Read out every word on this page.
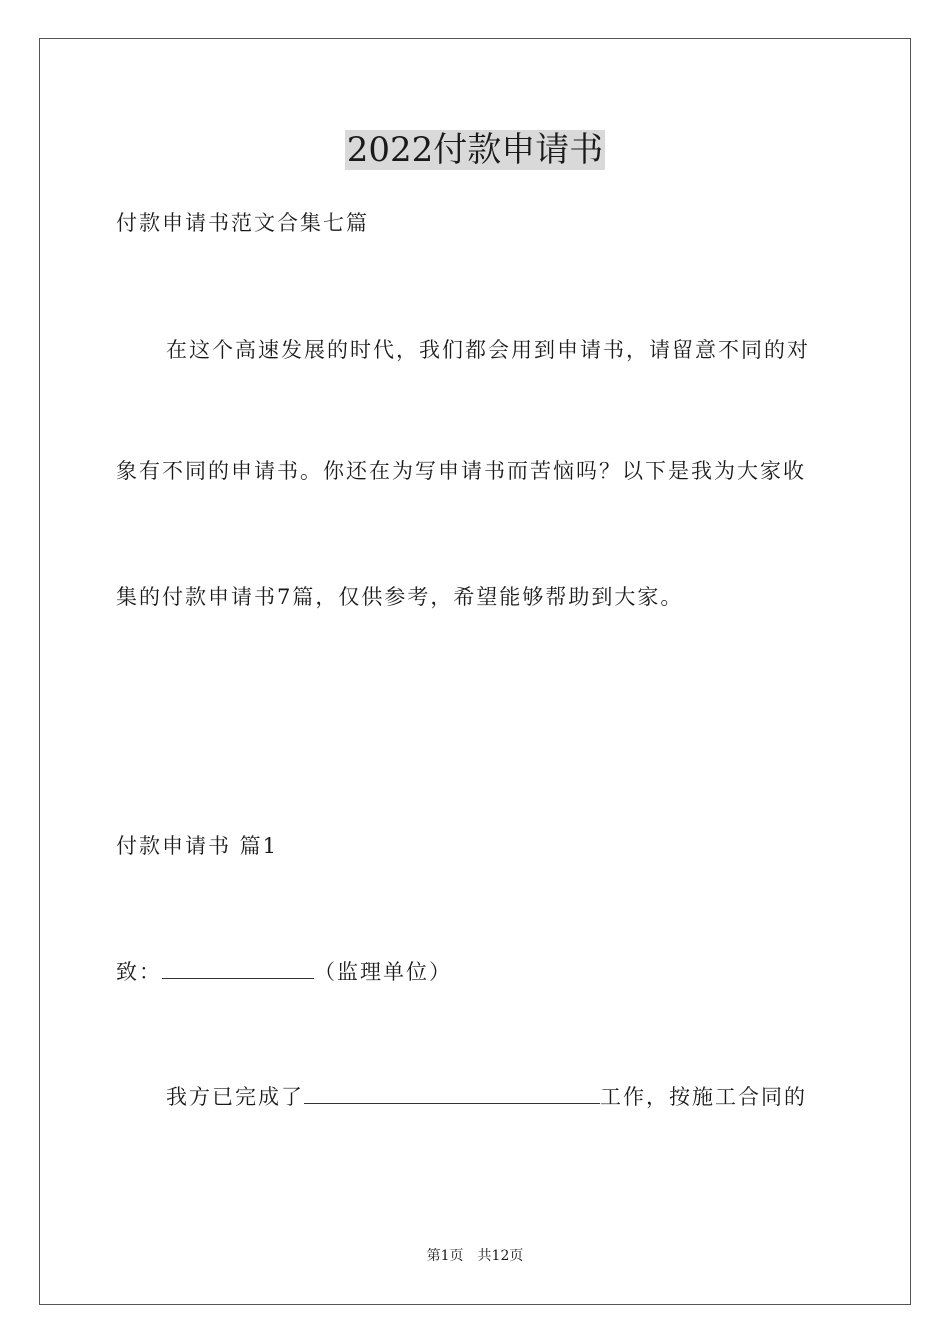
2022付款申请书
付款申请书范文合集七篇
在这个高速发展的时代，我们都会用到申请书，请留意不同的对
象有不同的申请书。你还在为写申请书而苦恼吗？以下是我为大家收
集的付款申请书7篇，仅供参考，希望能够帮助到大家。
付款申请书 篇1
致：	（监理单位）
我方已完成了	工作，按施工合同的
第1页　共12页
